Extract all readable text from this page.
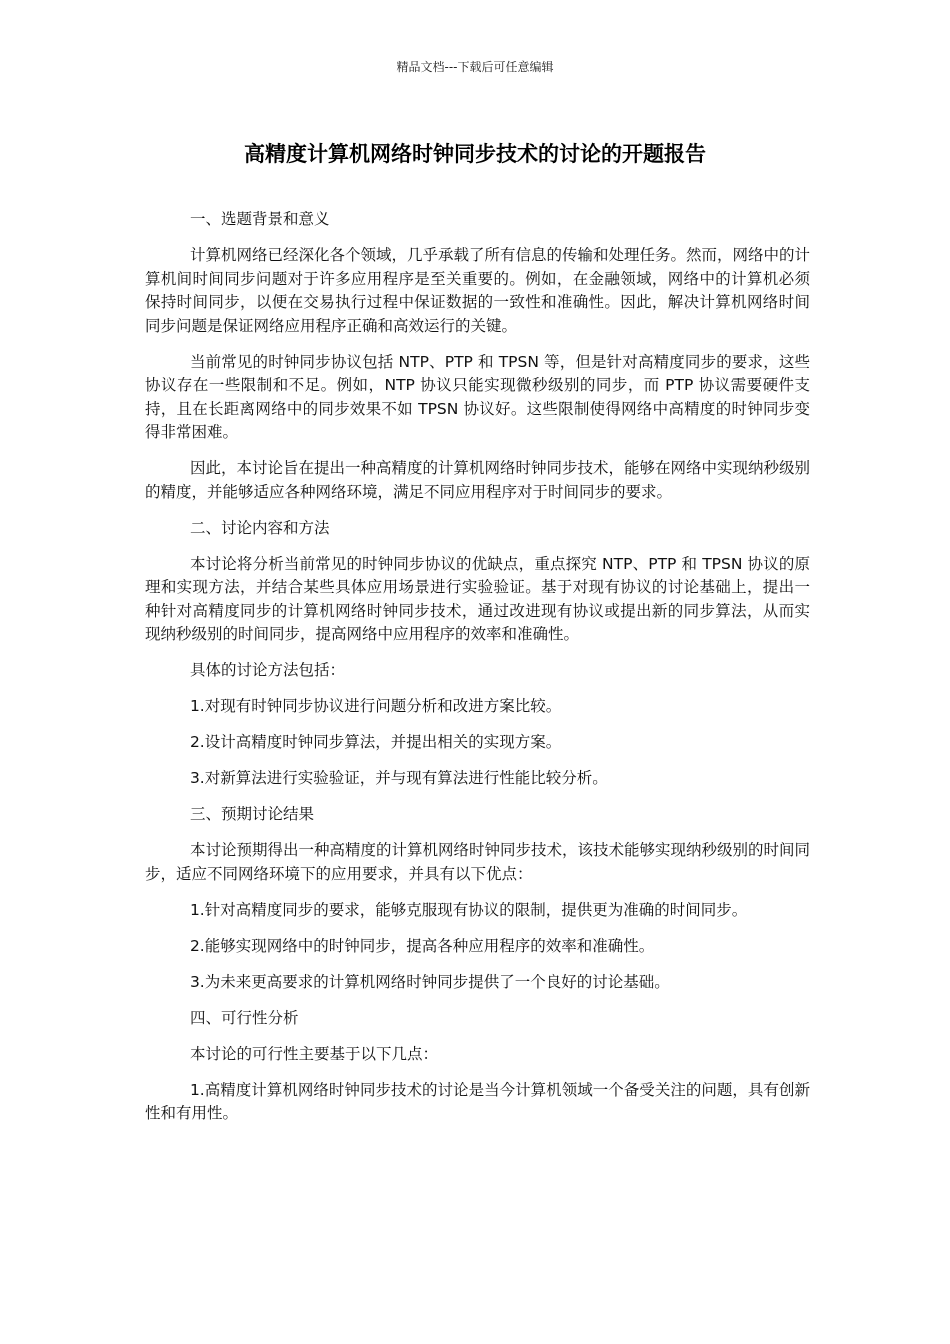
精品文档---下载后可任意编辑
高精度计算机网络时钟同步技术的讨论的开题报告

一、选题背景和意义

计算机网络已经深化各个领域，几乎承载了所有信息的传输和处理任务。然而，网络中的计算机间时间同步问题对于许多应用程序是至关重要的。例如，在金融领域，网络中的计算机必须保持时间同步，以便在交易执行过程中保证数据的一致性和准确性。因此，解决计算机网络时间同步问题是保证网络应用程序正确和高效运行的关键。

当前常见的时钟同步协议包括 NTP、PTP 和 TPSN 等，但是针对高精度同步的要求，这些协议存在一些限制和不足。例如，NTP 协议只能实现微秒级别的同步，而 PTP 协议需要硬件支持，且在长距离网络中的同步效果不如 TPSN 协议好。这些限制使得网络中高精度的时钟同步变得非常困难。

因此，本讨论旨在提出一种高精度的计算机网络时钟同步技术，能够在网络中实现纳秒级别的精度，并能够适应各种网络环境，满足不同应用程序对于时间同步的要求。

二、讨论内容和方法

本讨论将分析当前常见的时钟同步协议的优缺点，重点探究 NTP、PTP 和 TPSN 协议的原理和实现方法，并结合某些具体应用场景进行实验验证。基于对现有协议的讨论基础上，提出一种针对高精度同步的计算机网络时钟同步技术，通过改进现有协议或提出新的同步算法，从而实现纳秒级别的时间同步，提高网络中应用程序的效率和准确性。

具体的讨论方法包括：

1.对现有时钟同步协议进行问题分析和改进方案比较。

2.设计高精度时钟同步算法，并提出相关的实现方案。

3.对新算法进行实验验证，并与现有算法进行性能比较分析。

三、预期讨论结果

本讨论预期得出一种高精度的计算机网络时钟同步技术，该技术能够实现纳秒级别的时间同步，适应不同网络环境下的应用要求，并具有以下优点：

1.针对高精度同步的要求，能够克服现有协议的限制，提供更为准确的时间同步。

2.能够实现网络中的时钟同步，提高各种应用程序的效率和准确性。

3.为未来更高要求的计算机网络时钟同步提供了一个良好的讨论基础。

四、可行性分析

本讨论的可行性主要基于以下几点：

1.高精度计算机网络时钟同步技术的讨论是当今计算机领域一个备受关注的问题，具有创新性和有用性。
